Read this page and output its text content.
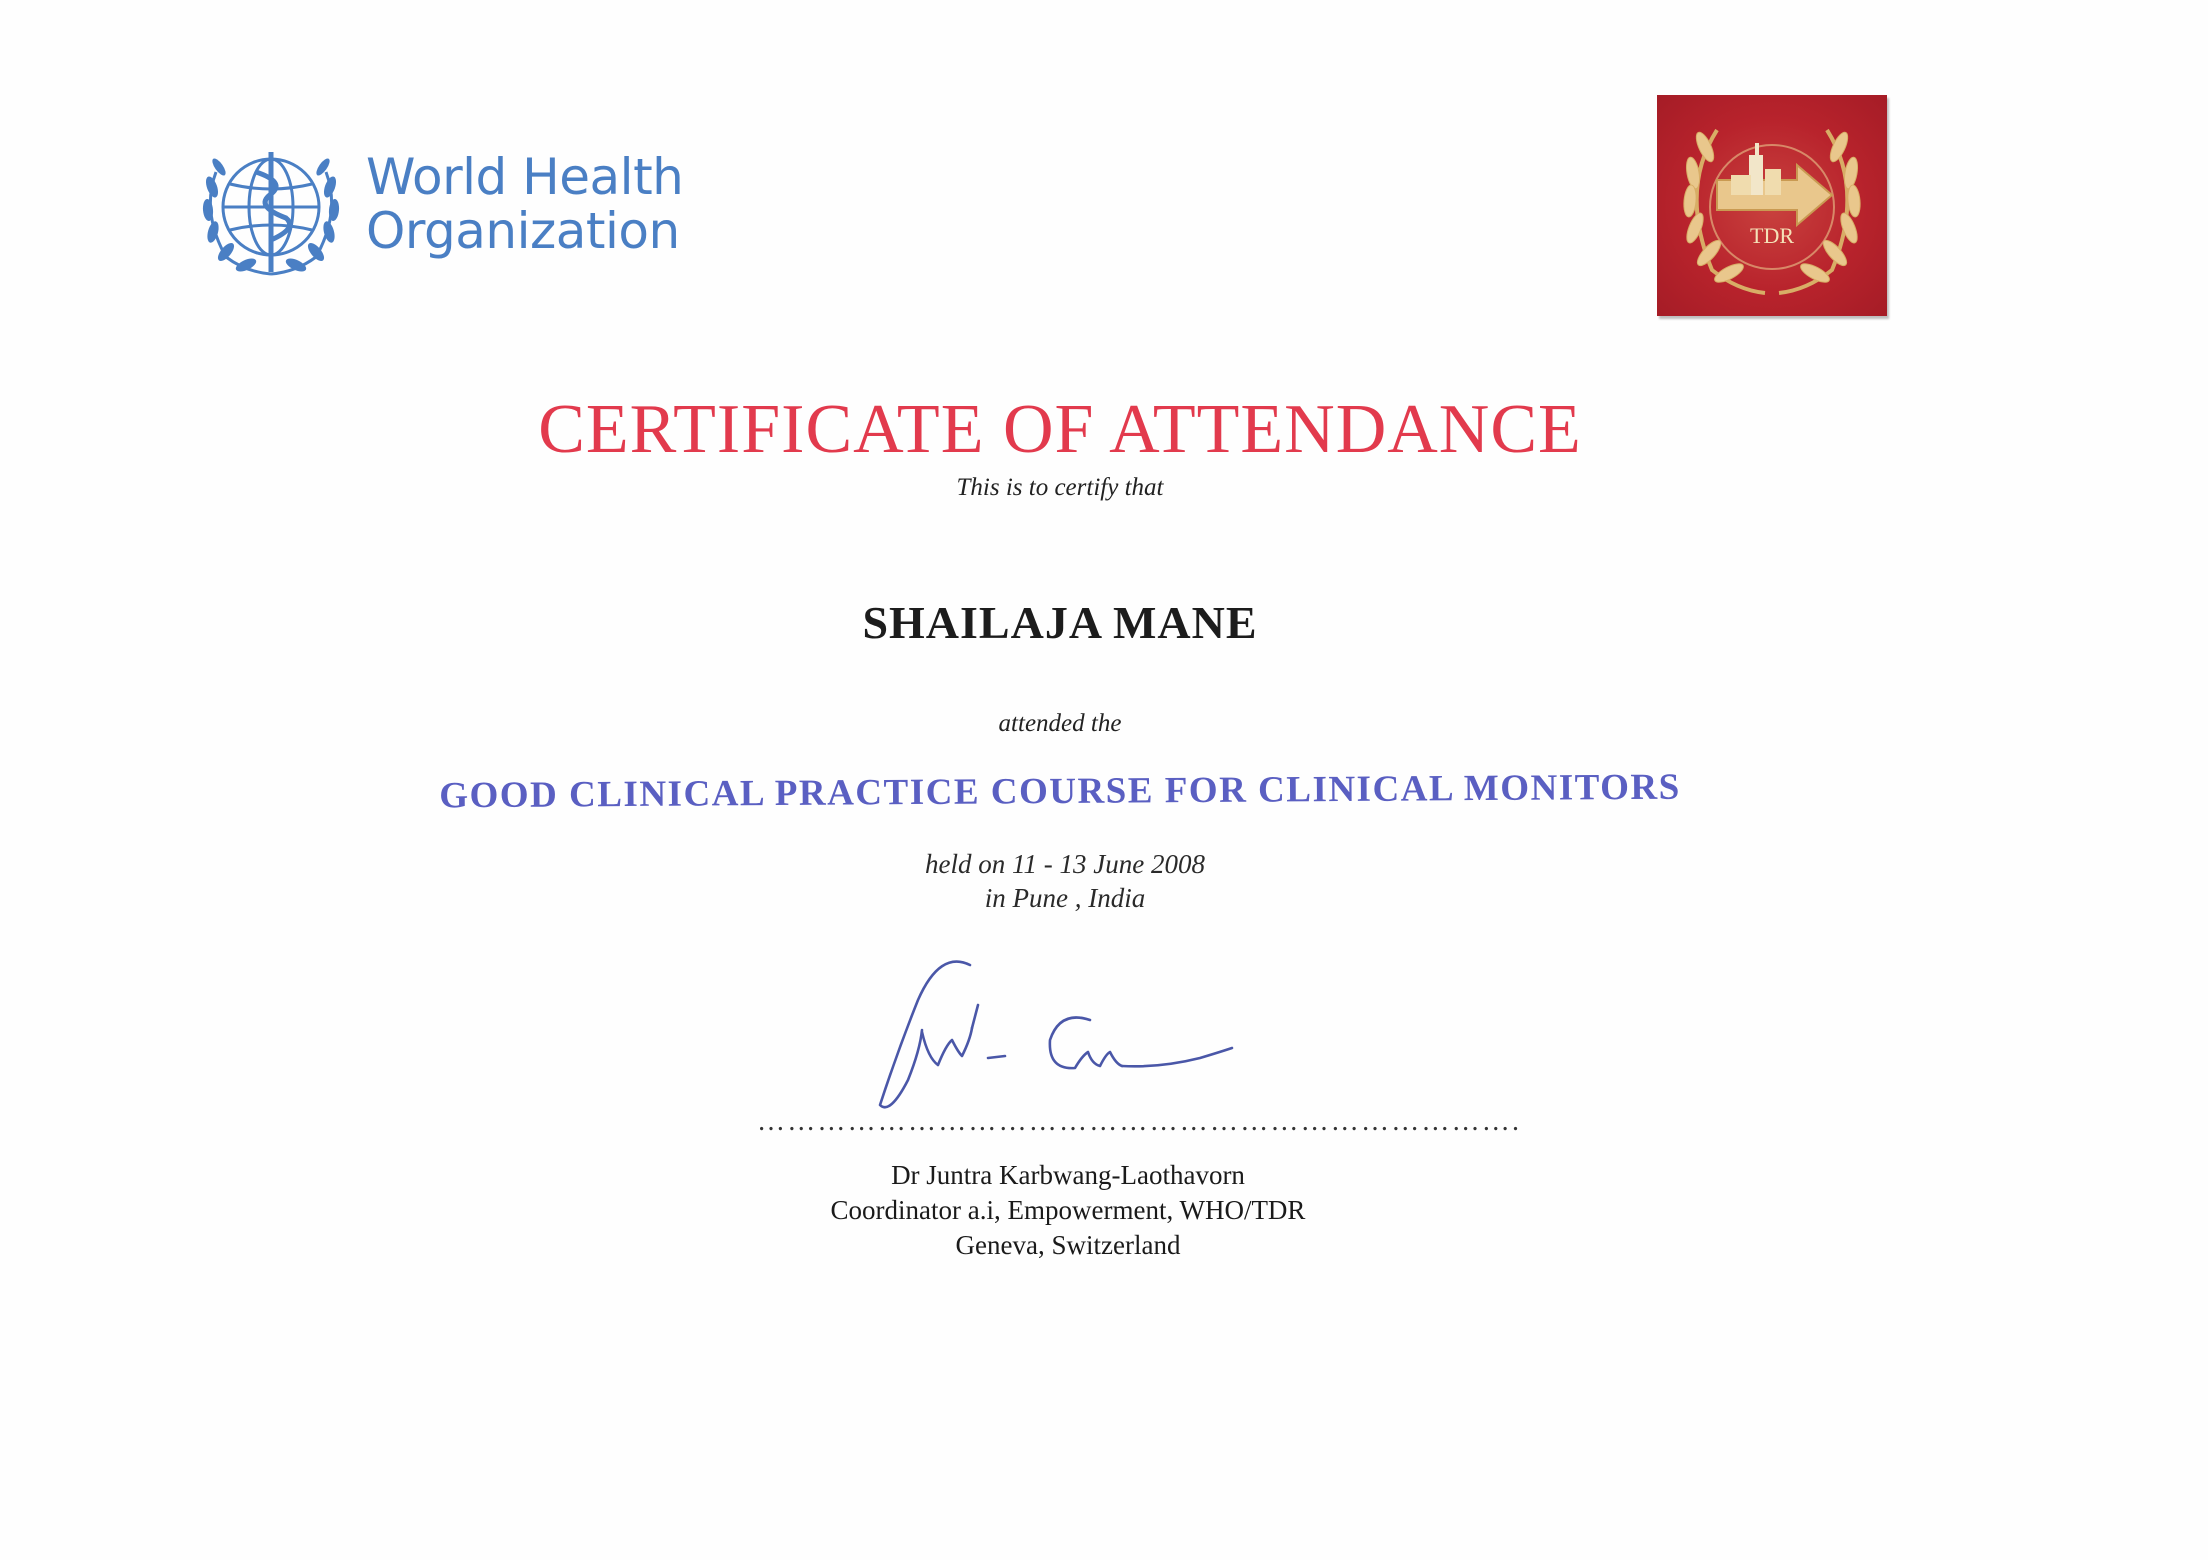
World Health
Organization	TDR
CERTIFICATE OF ATTENDANCE
This is to certify that
SHAILAJA MANE
attended the
GOOD CLINICAL PRACTICE COURSE FOR CLINICAL MONITORS
held on 11 - 13 June 2008
in Pune , India
………………………………………………………………….
Dr Juntra Karbwang-Laothavorn
Coordinator a.i, Empowerment, WHO/TDR
Geneva, Switzerland
